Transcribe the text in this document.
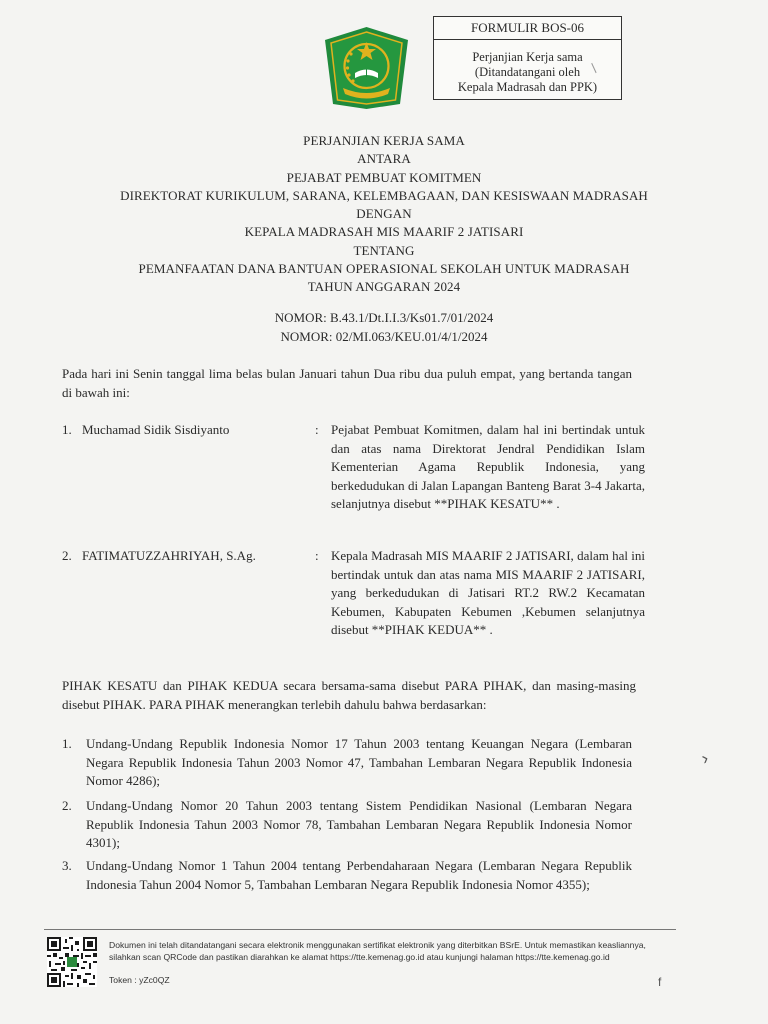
FORMULIR BOS-06
Perjanjian Kerja sama
(Ditandatangani oleh
Kepala Madrasah dan PPK)
PERJANJIAN KERJA SAMA
ANTARA
PEJABAT PEMBUAT KOMITMEN
DIREKTORAT KURIKULUM, SARANA, KELEMBAGAAN, DAN KESISWAAN MADRASAH
DENGAN
KEPALA MADRASAH MIS MAARIF 2 JATISARI
TENTANG
PEMANFAATAN DANA BANTUAN OPERASIONAL SEKOLAH UNTUK MADRASAH
TAHUN ANGGARAN 2024
NOMOR: B.43.1/Dt.I.I.3/Ks01.7/01/2024
NOMOR: 02/MI.063/KEU.01/4/1/2024
Pada hari ini Senin tanggal lima belas bulan Januari tahun Dua ribu dua puluh empat, yang bertanda tangan di bawah ini:
1. Muchamad Sidik Sisdiyanto	: Pejabat Pembuat Komitmen, dalam hal ini bertindak untuk dan atas nama Direktorat Jendral Pendidikan Islam Kementerian Agama Republik Indonesia, yang berkedudukan di Jalan Lapangan Banteng Barat 3-4 Jakarta, selanjutnya disebut **PIHAK KESATU** .
2. FATIMATUZZAHRIYAH, S.Ag.	: Kepala Madrasah MIS MAARIF 2 JATISARI, dalam hal ini bertindak untuk dan atas nama MIS MAARIF 2 JATISARI, yang berkedudukan di Jatisari RT.2 RW.2 Kecamatan Kebumen, Kabupaten Kebumen ,Kebumen selanjutnya disebut **PIHAK KEDUA** .
PIHAK KESATU dan PIHAK KEDUA secara bersama-sama disebut PARA PIHAK, dan masing-masing disebut PIHAK. PARA PIHAK menerangkan terlebih dahulu bahwa berdasarkan:
1. Undang-Undang Republik Indonesia Nomor 17 Tahun 2003 tentang Keuangan Negara (Lembaran Negara Republik Indonesia Tahun 2003 Nomor 47, Tambahan Lembaran Negara Republik Indonesia Nomor 4286);
2. Undang-Undang Nomor 20 Tahun 2003 tentang Sistem Pendidikan Nasional (Lembaran Negara Republik Indonesia Tahun 2003 Nomor 78, Tambahan Lembaran Negara Republik Indonesia Nomor 4301);
3. Undang-Undang Nomor 1 Tahun 2004 tentang Perbendaharaan Negara (Lembaran Negara Republik Indonesia Tahun 2004 Nomor 5, Tambahan Lembaran Negara Republik Indonesia Nomor 4355);
Dokumen ini telah ditandatangani secara elektronik menggunakan sertifikat elektronik yang diterbitkan BSrE. Untuk memastikan keasliannya, silahkan scan QRCode dan pastikan diarahkan ke alamat https://tte.kemenag.go.id atau kunjungi halaman https://tte.kemenag.go.id
Token : yZc0QZ
›
/
f
